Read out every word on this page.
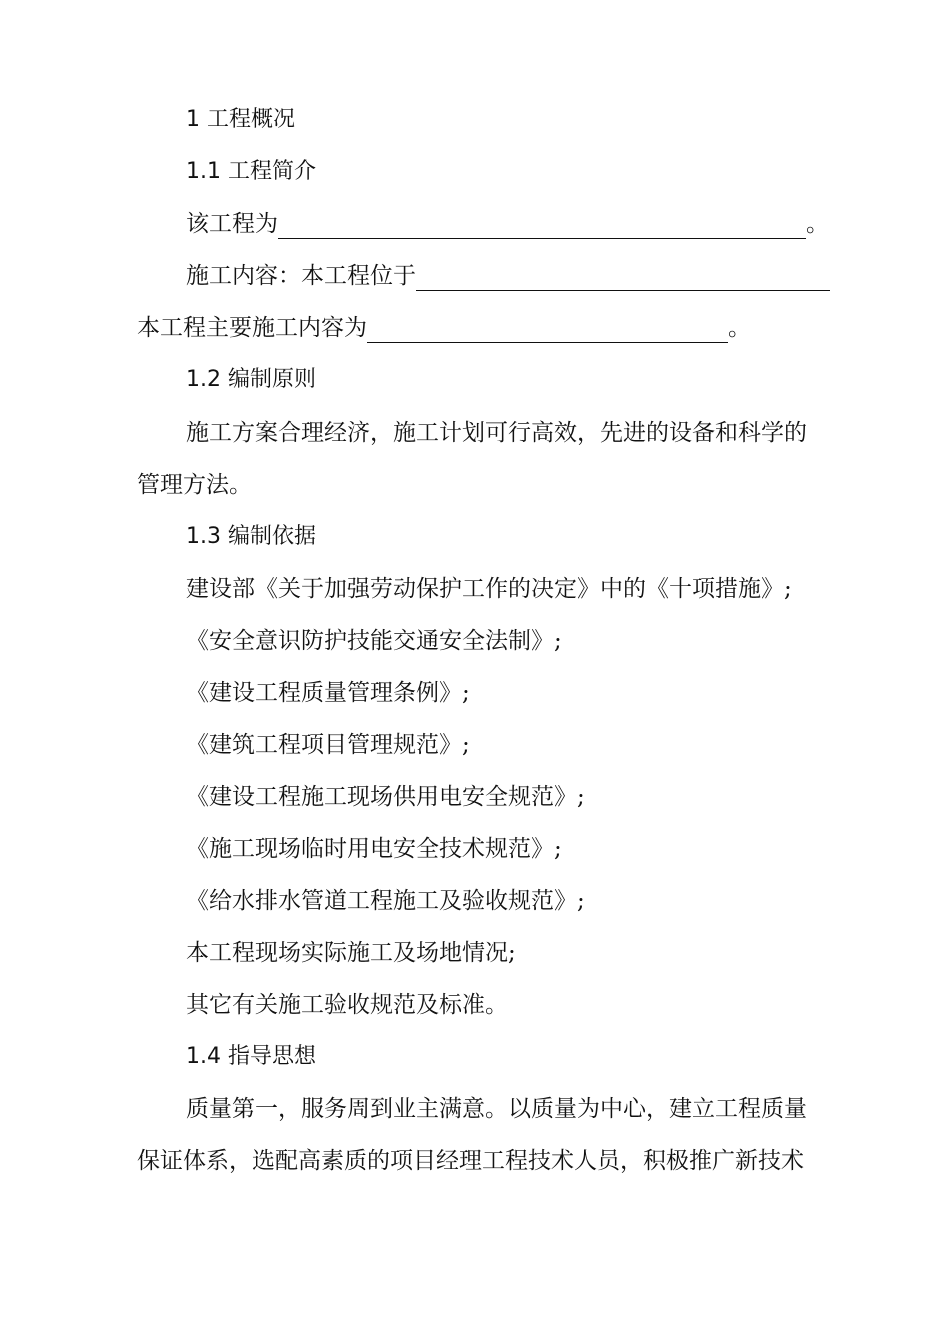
1 工程概况
1.1 工程简介
该工程为	。
施工内容：本工程位于
本工程主要施工内容为	。
1.2 编制原则
施工方案合理经济，施工计划可行高效，先进的设备和科学的
管理方法。
1.3 编制依据
建设部《关于加强劳动保护工作的决定》中的《十项措施》;
《安全意识防护技能交通安全法制》;
《建设工程质量管理条例》;
《建筑工程项目管理规范》;
《建设工程施工现场供用电安全规范》;
《施工现场临时用电安全技术规范》;
《给水排水管道工程施工及验收规范》;
本工程现场实际施工及场地情况;
其它有关施工验收规范及标准。
1.4 指导思想
质量第一，服务周到业主满意。以质量为中心，建立工程质量
保证体系，选配高素质的项目经理工程技术人员，积极推广新技术
